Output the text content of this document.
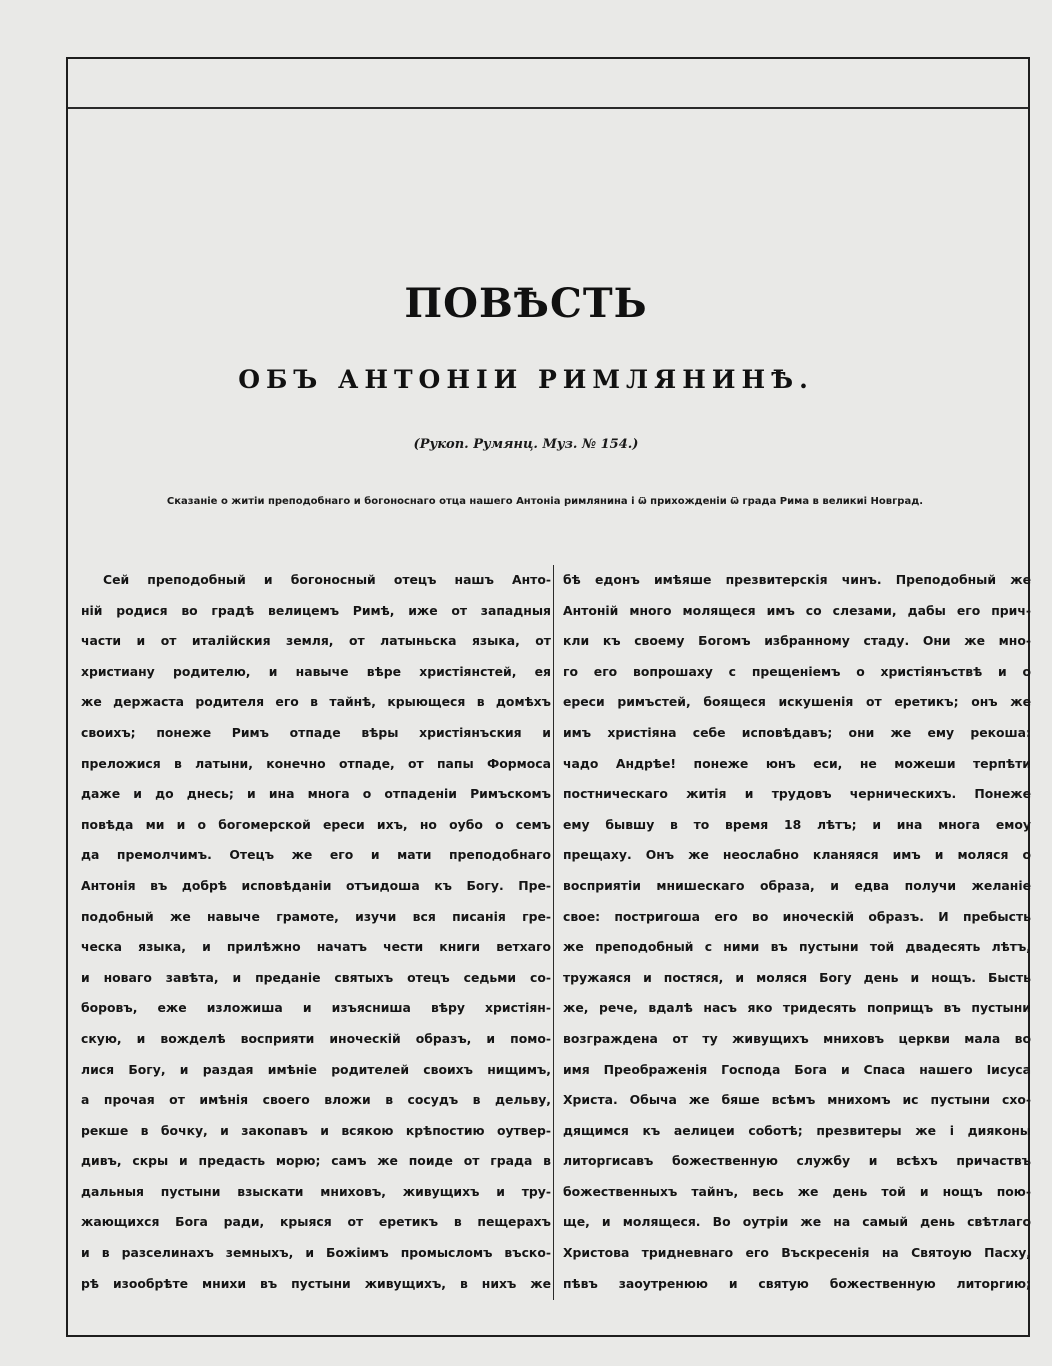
ПОВѢСТЬ
ОБЪ АНТОНІИ РИМЛЯНИНѢ.
(Рукоп. Румянц. Муз. № 154.)
Сказаніе о житіи преподобнаго и богоноснаго отца нашего Антоніа римлянина і ѿ прихожденіи ѿ града Рима в великиі Новград.
Сей преподобный и богоносный отецъ нашъ Анто-
ній родися во градѣ велицемъ Римѣ, иже от западныя
части и от италійския земля, от латыньска языка, от
христиану родителю, и навыче вѣре христіянстей, ея
же держаста родителя его в тайнѣ, крыющеся в домѣхъ
своихъ; понеже Римъ отпаде вѣры христіянъския и
преложися в латыни, конечно отпаде, от папы Формоса
даже и до днесь; и ина многа о отпаденіи Римъскомъ
повѣда ми и о богомерской ереси ихъ, но оубо о семъ
да премолчимъ. Отецъ же его и мати преподобнаго
Антонія въ добрѣ исповѣданіи отъидоша къ Богу. Пре-
подобный же навыче грамоте, изучи вся писанія гре-
ческа языка, и прилѣжно начатъ чести книги ветхаго
и новаго завѣта, и преданіе святыхъ отецъ седьми со-
боровъ, еже изложиша и изъясниша вѣру христіян-
скую, и вожделѣ восприяти иноческій образъ, и помо-
лися Богу, и раздая имѣніе родителей своихъ нищимъ,
а прочая от имѣнія своего вложи в сосудъ в дельву,
рекше в бочку, и закопавъ и всякою крѣпостию оутвер-
дивъ, скры и предасть морю; самъ же поиде от града в
дальныя пустыни взыскати мниховъ, живущихъ и тру-
жающихся Бога ради, крыяся от еретикъ в пещерахъ
и в разселинахъ земныхъ, и Божіимъ промысломъ въско-
рѣ изообрѣте мнихи въ пустыни живущихъ, в нихъ же
бѣ едонъ имѣяше презвитерскiя чинъ. Преподобный же
Антоній много молящеся имъ со слезами, дабы его прич-
кли къ своему Богомъ избранному стаду. Они же мно-
го его вопрошаху с прещеніемъ о христіянъствѣ и о
ереси римъстей, боящеся искушенія от еретикъ; онъ же
имъ христіяна себе исповѣдавъ; они же ему рекоша:
чадо Андрѣе! понеже юнъ еси, не можеши терпѣти
постническаго житія и трудовъ черническихъ. Понеже
ему бывшу в то время 18 лѣтъ; и ина многа емоу
прещаху. Онъ же неослабно кланяяся имъ и моляся о
восприятіи мнишескаго образа, и едва получи желаніе
свое: постригоша его во иноческій образъ. И пребысть
же преподобный с ними въ пустыни той двадесять лѣтъ,
тружаяся и постяся, и моляся Богу день и нощъ. Бысть
же, рече, вдалѣ насъ яко тридесять поприщъ въ пустыни
возграждена от ту живущихъ мниховъ церкви мала во
имя Преображенія Господа Бога и Спаса нашего Іисуса
Христа. Обыча же бяше всѣмъ мнихомъ ис пустыни схо-
дящимся къ аелицеи соботѣ; презвитеры же і дияконы
литоргисавъ божественную службу и всѣхъ причаствъ
божественныхъ тайнъ, весь же день той и нощъ пою-
ще, и молящеся. Во оутріи же на самый день свѣтлаго
Христова тридневнаго его Въскресенія на Святоую Пасху,
пѣвъ заоутренюю и святую божественную литоргию;
